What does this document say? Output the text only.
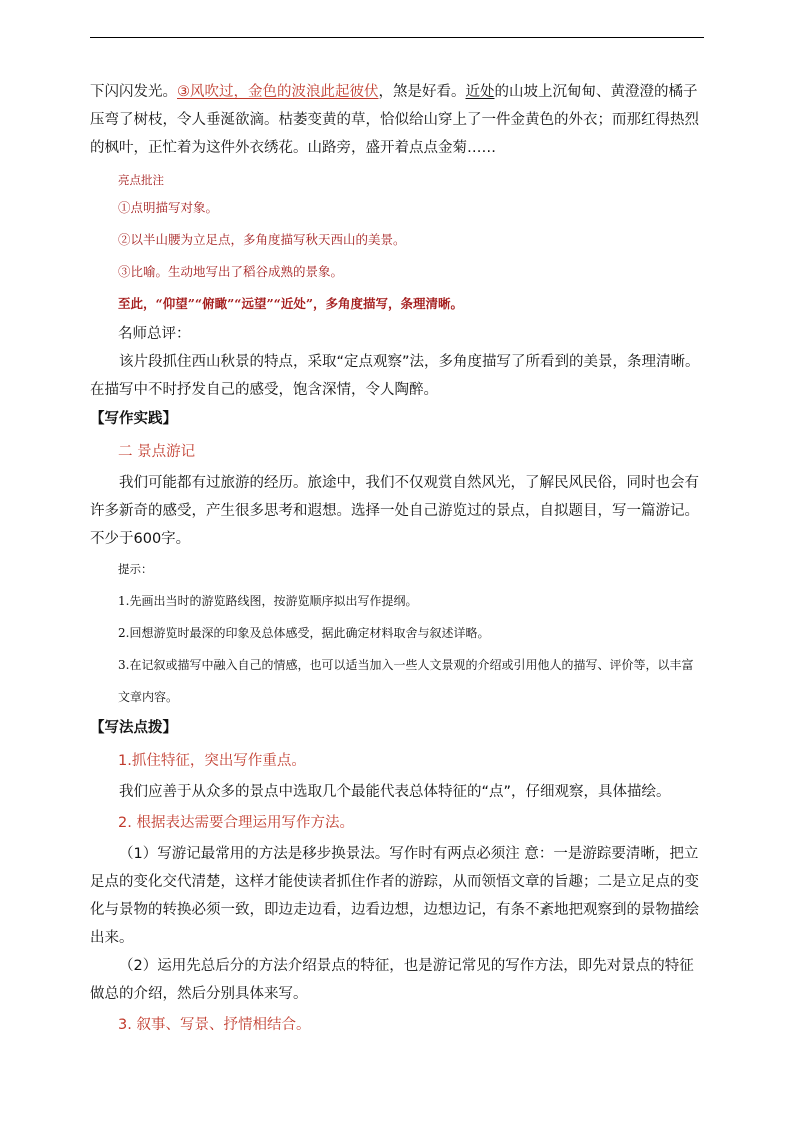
下闪闪发光。③风吹过，金色的波浪此起彼伏，煞是好看。近处的山坡上沉甸甸、黄澄澄的橘子压弯了树枝，令人垂涎欲滴。枯萎变黄的草，恰似给山穿上了一件金黄色的外衣；而那红得热烈的枫叶，正忙着为这件外衣绣花。山路旁，盛开着点点金菊……

亮点批注

①点明描写对象。

②以半山腰为立足点，多角度描写秋天西山的美景。

③比喻。生动地写出了稻谷成熟的景象。

至此，“仰望”“俯瞰”“远望”“近处”，多角度描写，条理清晰。

名师总评：

该片段抓住西山秋景的特点，采取“定点观察”法，多角度描写了所看到的美景，条理清晰。在描写中不时抒发自己的感受，饱含深情，令人陶醉。

【写作实践】

二 景点游记

我们可能都有过旅游的经历。旅途中，我们不仅观赏自然风光，了解民风民俗，同时也会有许多新奇的感受，产生很多思考和遐想。选择一处自己游览过的景点，自拟题目，写一篇游记。不少于600字。

提示：

1.先画出当时的游览路线图，按游览顺序拟出写作提纲。

2.回想游览时最深的印象及总体感受，据此确定材料取舍与叙述详略。

3.在记叙或描写中融入自己的情感，也可以适当加入一些人文景观的介绍或引用他人的描写、评价等，以丰富文章内容。

【写法点拨】

1.抓住特征，突出写作重点。

我们应善于从众多的景点中选取几个最能代表总体特征的“点”，仔细观察，具体描绘。

2. 根据表达需要合理运用写作方法。

（1）写游记最常用的方法是移步换景法。写作时有两点必须注 意：一是游踪要清晰，把立足点的变化交代清楚，这样才能使读者抓住作者的游踪，从而领悟文章的旨趣；二是立足点的变化与景物的转换必须一致，即边走边看，边看边想，边想边记，有条不紊地把观察到的景物描绘出来。

（2）运用先总后分的方法介绍景点的特征，也是游记常见的写作方法，即先对景点的特征做总的介绍，然后分别具体来写。

3. 叙事、写景、抒情相结合。
